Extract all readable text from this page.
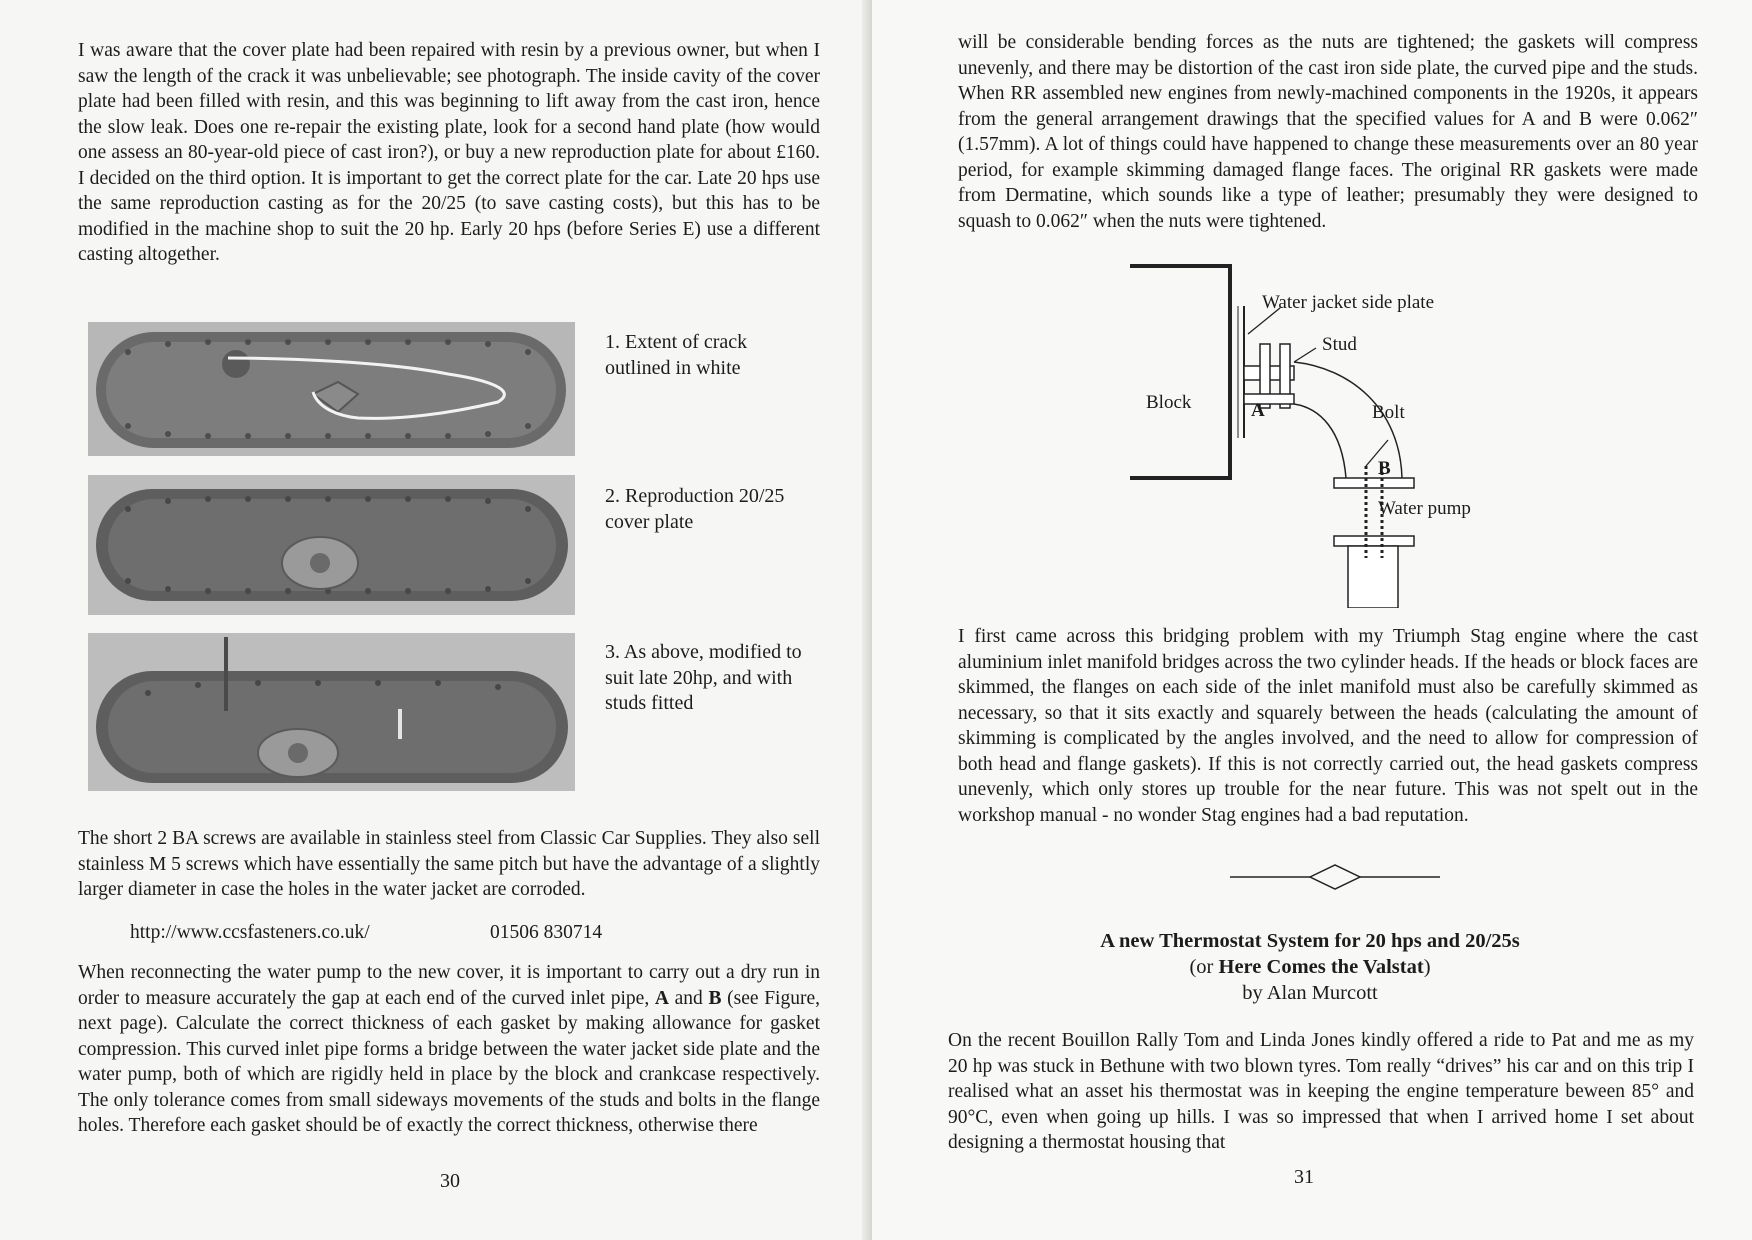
I was aware that the cover plate had been repaired with resin by a previous owner, but when I saw the length of the crack it was unbelievable; see photograph. The inside cavity of the cover plate had been filled with resin, and this was beginning to lift away from the cast iron, hence the slow leak. Does one re-repair the existing plate, look for a second hand plate (how would one assess an 80-year-old piece of cast iron?), or buy a new reproduction plate for about £160. I decided on the third option. It is important to get the correct plate for the car. Late 20 hps use the same reproduction casting as for the 20/25 (to save casting costs), but this has to be modified in the machine shop to suit the 20 hp. Early 20 hps (before Series E) use a different casting altogether.

1. Extent of crack outlined in white

2. Reproduction 20/25 cover plate

3. As above, modified to suit late 20hp, and with studs fitted

The short 2 BA screws are available in stainless steel from Classic Car Supplies. They also sell stainless M 5 screws which have essentially the same pitch but have the advantage of a slightly larger diameter in case the holes in the water jacket are corroded.

http://www.ccsfasteners.co.uk/	01506 830714

When reconnecting the water pump to the new cover, it is important to carry out a dry run in order to measure accurately the gap at each end of the curved inlet pipe, A and B (see Figure, next page). Calculate the correct thickness of each gasket by making allowance for gasket compression. This curved inlet pipe forms a bridge between the water jacket side plate and the water pump, both of which are rigidly held in place by the block and crankcase respectively. The only tolerance comes from small sideways movements of the studs and bolts in the flange holes. Therefore each gasket should be of exactly the correct thickness, otherwise there

30

will be considerable bending forces as the nuts are tightened; the gaskets will compress unevenly, and there may be distortion of the cast iron side plate, the curved pipe and the studs. When RR assembled new engines from newly-machined components in the 1920s, it appears from the general arrangement drawings that the specified values for A and B were 0.062″ (1.57mm). A lot of things could have happened to change these measurements over an 80 year period, for example skimming damaged flange faces. The original RR gaskets were made from Dermatine, which sounds like a type of leather; presumably they were designed to squash to 0.062″ when the nuts were tightened.

Block
Water jacket side plate
Stud
A	Bolt
B
Water pump

I first came across this bridging problem with my Triumph Stag engine where the cast aluminium inlet manifold bridges across the two cylinder heads. If the heads or block faces are skimmed, the flanges on each side of the inlet manifold must also be carefully skimmed as necessary, so that it sits exactly and squarely between the heads (calculating the amount of skimming is complicated by the angles involved, and the need to allow for compression of both head and flange gaskets). If this is not correctly carried out, the head gaskets compress unevenly, which only stores up trouble for the near future. This was not spelt out in the workshop manual - no wonder Stag engines had a bad reputation.

A new Thermostat System for 20 hps and 20/25s
(or Here Comes the Valstat)
by Alan Murcott

On the recent Bouillon Rally Tom and Linda Jones kindly offered a ride to Pat and me as my 20 hp was stuck in Bethune with two blown tyres. Tom really “drives” his car and on this trip I realised what an asset his thermostat was in keeping the engine temperature beween 85° and 90°C, even when going up hills. I was so impressed that when I arrived home I set about designing a thermostat housing that

31
